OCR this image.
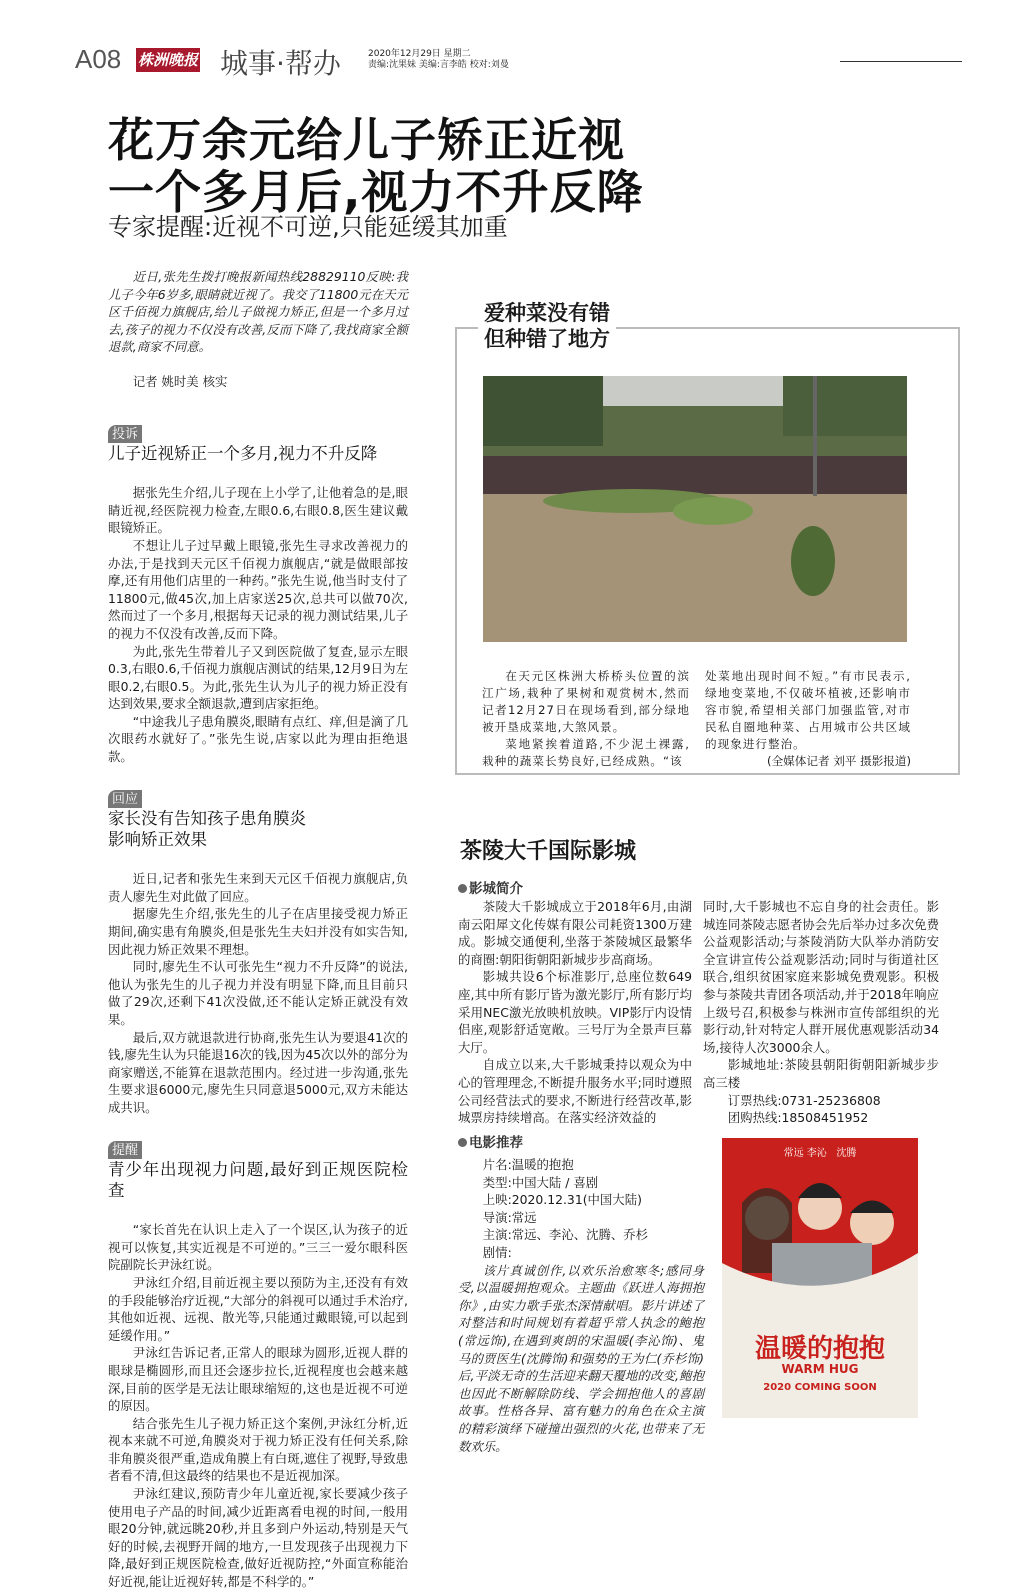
A08 株洲晚报 城事·帮办	2020年12月29日 星期二
责编:沈果妹 美编:言李皓 校对:刘曼
花万余元给儿子矫正近视
一个多月后,视力不升反降
专家提醒:近视不可逆,只能延缓其加重

近日,张先生拨打晚报新闻热线28829110反映:我儿子今年6岁多,眼睛就近视了。我交了11800元在天元区千佰视力旗舰店,给儿子做视力矫正,但是一个多月过去,孩子的视力不仅没有改善,反而下降了,我找商家全额退款,商家不同意。

记者 姚时美 核实

投诉
儿子近视矫正一个多月,视力不升反降

据张先生介绍,儿子现在上小学了,让他着急的是,眼睛近视,经医院视力检查,左眼0.6,右眼0.8,医生建议戴眼镜矫正。

不想让儿子过早戴上眼镜,张先生寻求改善视力的办法,于是找到天元区千佰视力旗舰店,“就是做眼部按摩,还有用他们店里的一种药。”张先生说,他当时支付了11800元,做45次,加上店家送25次,总共可以做70次,然而过了一个多月,根据每天记录的视力测试结果,儿子的视力不仅没有改善,反而下降。

为此,张先生带着儿子又到医院做了复查,显示左眼0.3,右眼0.6,千佰视力旗舰店测试的结果,12月9日为左眼0.2,右眼0.5。为此,张先生认为儿子的视力矫正没有达到效果,要求全额退款,遭到店家拒绝。

“中途我儿子患角膜炎,眼睛有点红、痒,但是滴了几次眼药水就好了。”张先生说,店家以此为理由拒绝退款。

回应
家长没有告知孩子患角膜炎
影响矫正效果

近日,记者和张先生来到天元区千佰视力旗舰店,负责人廖先生对此做了回应。

据廖先生介绍,张先生的儿子在店里接受视力矫正期间,确实患有角膜炎,但是张先生夫妇并没有如实告知,因此视力矫正效果不理想。

同时,廖先生不认可张先生“视力不升反降”的说法,他认为张先生的儿子视力并没有明显下降,而且目前只做了29次,还剩下41次没做,还不能认定矫正就没有效果。

最后,双方就退款进行协商,张先生认为要退41次的钱,廖先生认为只能退16次的钱,因为45次以外的部分为商家赠送,不能算在退款范围内。经过进一步沟通,张先生要求退6000元,廖先生只同意退5000元,双方未能达成共识。

提醒
青少年出现视力问题,最好到正规医院检查

“家长首先在认识上走入了一个误区,认为孩子的近视可以恢复,其实近视是不可逆的。”三三一爱尔眼科医院副院长尹泳红说。

尹泳红介绍,目前近视主要以预防为主,还没有有效的手段能够治疗近视,“大部分的斜视可以通过手术治疗,其他如近视、远视、散光等,只能通过戴眼镜,可以起到延缓作用。”

尹泳红告诉记者,正常人的眼球为圆形,近视人群的眼球是椭圆形,而且还会逐步拉长,近视程度也会越来越深,目前的医学是无法让眼球缩短的,这也是近视不可逆的原因。

结合张先生儿子视力矫正这个案例,尹泳红分析,近视本来就不可逆,角膜炎对于视力矫正没有任何关系,除非角膜炎很严重,造成角膜上有白斑,遮住了视野,导致患者看不清,但这最终的结果也不是近视加深。

尹泳红建议,预防青少年儿童近视,家长要减少孩子使用电子产品的时间,减少近距离看电视的时间,一般用眼20分钟,就远眺20秒,并且多到户外运动,特别是天气好的时候,去视野开阔的地方,一旦发现孩子出现视力下降,最好到正规医院检查,做好近视防控,“外面宣称能治好近视,能让近视好转,都是不科学的。”

爱种菜没有错
但种错了地方

在天元区株洲大桥桥头位置的滨江广场,栽种了果树和观赏树木,然而记者12月27日在现场看到,部分绿地被开垦成菜地,大煞风景。

菜地紧挨着道路,不少泥土裸露,栽种的蔬菜长势良好,已经成熟。“该

处菜地出现时间不短。”有市民表示,绿地变菜地,不仅破坏植被,还影响市容市貌,希望相关部门加强监管,对市民私自圈地种菜、占用城市公共区域的现象进行整治。

(全媒体记者 刘平 摄影报道)

茶陵大千国际影城
影城简介

茶陵大千影城成立于2018年6月,由湖南云阳犀文化传媒有限公司耗资1300万建成。影城交通便利,坐落于茶陵城区最繁华的商圈:朝阳街朝阳新城步步高商场。

影城共设6个标准影厅,总座位数649座,其中所有影厅皆为激光影厅,所有影厅均采用NEC激光放映机放映。VIP影厅内设情侣座,观影舒适宽敞。三号厅为全景声巨幕大厅。

自成立以来,大千影城秉持以观众为中心的管理理念,不断提升服务水平;同时遵照公司经营法式的要求,不断进行经营改革,影城票房持续增高。在落实经济效益的

同时,大千影城也不忘自身的社会责任。影城连同茶陵志愿者协会先后举办过多次免费公益观影活动;与茶陵消防大队举办消防安全宣讲宣传公益观影活动;同时与街道社区联合,组织贫困家庭来影城免费观影。积极参与茶陵共青团各项活动,并于2018年响应上级号召,积极参与株洲市宣传部组织的光影行动,针对特定人群开展优惠观影活动34场,接待人次3000余人。

影城地址:茶陵县朝阳街朝阳新城步步高三楼

订票热线:0731-25236808

团购热线:18508451952

电影推荐

片名:温暖的抱抱

类型:中国大陆 / 喜剧

上映:2020.12.31(中国大陆)

导演:常远

主演:常远、李沁、沈腾、乔杉

剧情:

该片真诚创作,以欢乐治愈寒冬;感同身受,以温暖拥抱观众。主题曲《跃进人海拥抱你》,由实力歌手张杰深情献唱。影片讲述了对整洁和时间规划有着超乎常人执念的鲍抱(常远饰),在遇到爽朗的宋温暖(李沁饰)、鬼马的贾医生(沈腾饰)和强势的王为仁(乔杉饰)后,平淡无奇的生活迎来翻天覆地的改变,鲍抱也因此不断解除防线、学会拥抱他人的喜剧故事。性格各异、富有魅力的角色在众主演的精彩演绎下碰撞出强烈的火花,也带来了无数欢乐。

常远 李沁 沈腾
温暖的抱抱
WARM HUG
2020 COMING SOON
